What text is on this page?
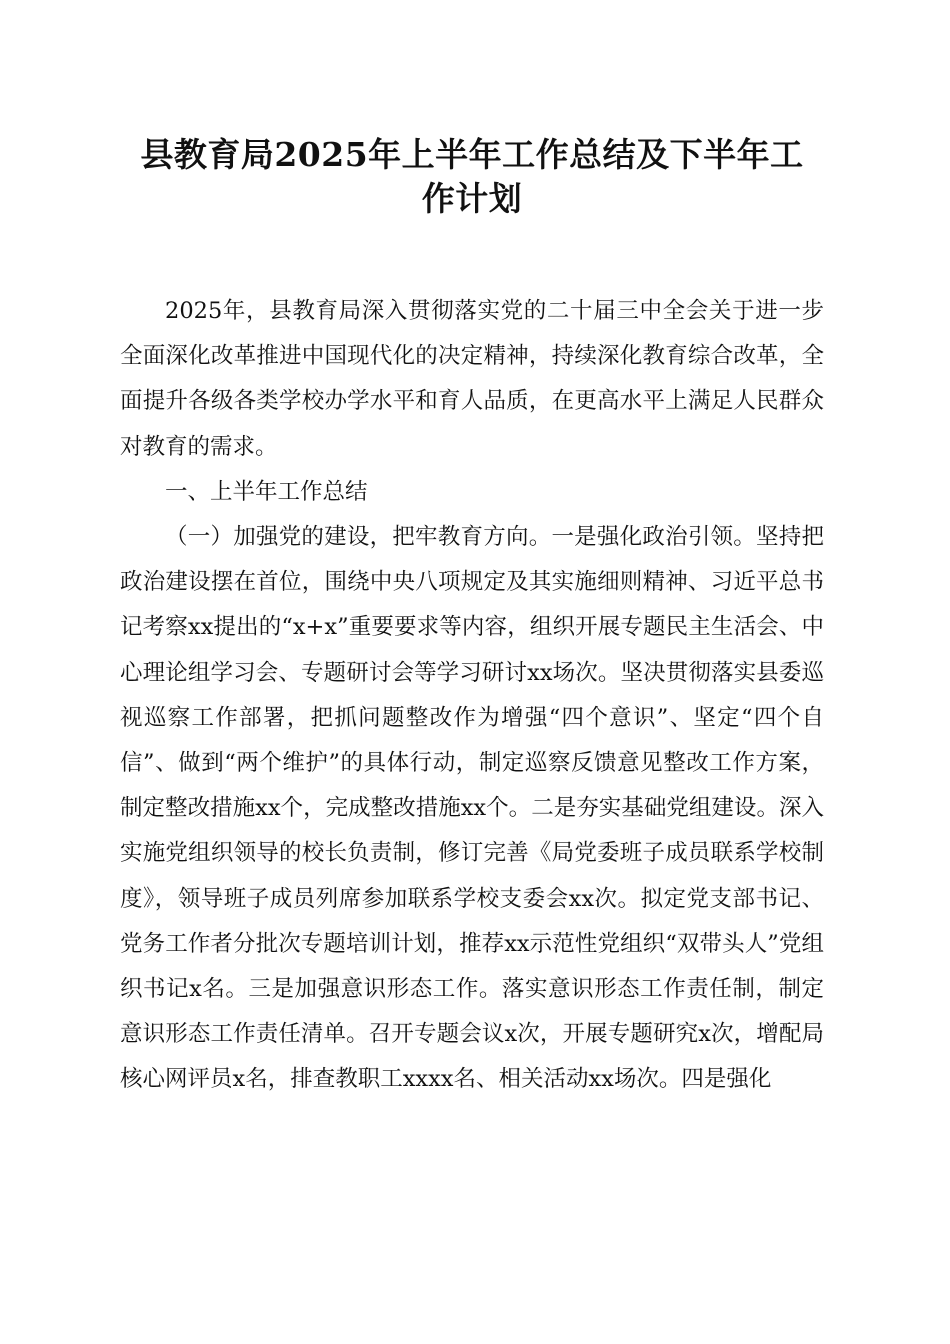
县教育局2025年上半年工作总结及下半年工
作计划

2025年，县教育局深入贯彻落实党的二十届三中全会关于进一步全面深化改革推进中国现代化的决定精神，持续深化教育综合改革，全面提升各级各类学校办学水平和育人品质，在更高水平上满足人民群众对教育的需求。

一、上半年工作总结

（一）加强党的建设，把牢教育方向。一是强化政治引领。坚持把政治建设摆在首位，围绕中央八项规定及其实施细则精神、习近平总书记考察xx提出的“x+x”重要要求等内容，组织开展专题民主生活会、中心理论组学习会、专题研讨会等学习研讨xx场次。坚决贯彻落实县委巡视巡察工作部署，把抓问题整改作为增强“四个意识”、坚定“四个自信”、做到“两个维护”的具体行动，制定巡察反馈意见整改工作方案，制定整改措施xx个，完成整改措施xx个。二是夯实基础党组建设。深入实施党组织领导的校长负责制，修订完善《局党委班子成员联系学校制度》，领导班子成员列席参加联系学校支委会xx次。拟定党支部书记、党务工作者分批次专题培训计划，推荐xx示范性党组织“双带头人”党组织书记x名。三是加强意识形态工作。落实意识形态工作责任制，制定意识形态工作责任清单。召开专题会议x次，开展专题研究x次，增配局核心网评员x名，排查教职工xxxx名、相关活动xx场次。四是强化
